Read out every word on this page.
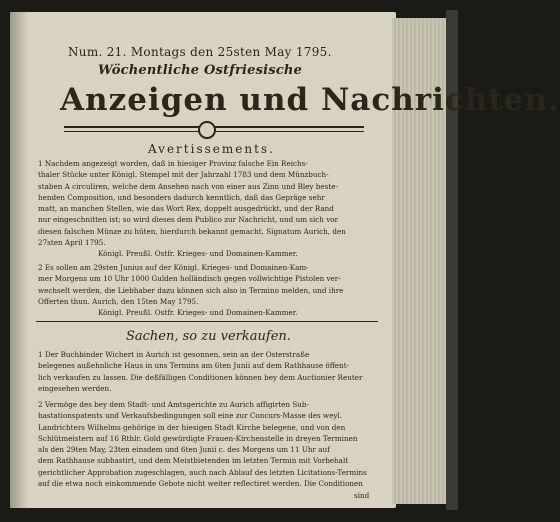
Num. 21. Montags den 25sten May 1795.
Wöchentliche Ostfriesische
Anzeigen und Nachrichten.
Avertissements.
1 Nachdem angezeigt worden, daß in hiesiger Provinz falsche Ein Reichs-
thaler Stücke unter Königl. Stempel mit der Jahrzahl 1783 und dem Münzbuch-
staben A circuliren, welche dem Ansehen nach von einer aus Zinn und Bley beste-
henden Composition, und besonders dadurch kenntlich, daß das Gepräge sehr
matt, an manchen Stellen, wie das Wort Rex, doppelt ausgedrückt, und der Rand
nur eingeschnitten ist; so wird dieses dem Publico zur Nachricht, und um sich vor
diesen falschen Münze zu hüten, hierdurch bekannt gemacht. Signatum Aurich, den
27sten April 1795.
Königl. Preußl. Ostfr. Krieges- und Domainen-Kammer.
2 Es sollen am 29sten Junius auf der Königl. Krieges- und Domainen-Kam-
mer Morgens um 10 Uhr 1000 Gulden holländisch gegen vollwichtige Pistolen ver-
wechselt werden, die Liebhaber dazu können sich also in Termino melden, und ihre
Offerten thun. Aurich, den 15ten May 1795.
Königl. Preußl. Ostfr. Krieges- und Domainen-Kammer.
Sachen, so zu verkaufen.
1 Der Buchbinder Wichert in Aurich ist gesonnen, sein an der Osterstraße
belegenes außehnliche Haus in uns Termins am 6ten Junii auf dem Rathhause öffent-
lich verkaufen zu lassen. Die deßfälligen Conditionen können bey dem Auctionier Reuter
eingesehen werden.
2 Vermöge des bey dem Stadt- und Amtsgerichte zu Aurich affigirten Sub-
hastationspatents und Verkaufsbedingungen soll eine zur Concurs-Masse des weyl.
Landrichters Wilhelms gehörige in der hiesigen Stadt Kirche belegene, und von den
Schlütmeistern auf 16 Rthlr. Gold gewürdigte Frauen-Kirchenstelle in dreyen Terminen
als den 29ten May, 23ten einsdem und 6ten Junii c. des Morgens um 11 Uhr auf
dem Rathhause subhastirt, und dem Meistbietenden im letzten Termin mit Vorbehalt
gerichtlicher Approbation zugeschlagen, auch nach Ablauf des letzten Licitations-Termins
auf die etwa noch einkommende Gebote nicht weiter reflectiret werden. Die Conditionen
sind
